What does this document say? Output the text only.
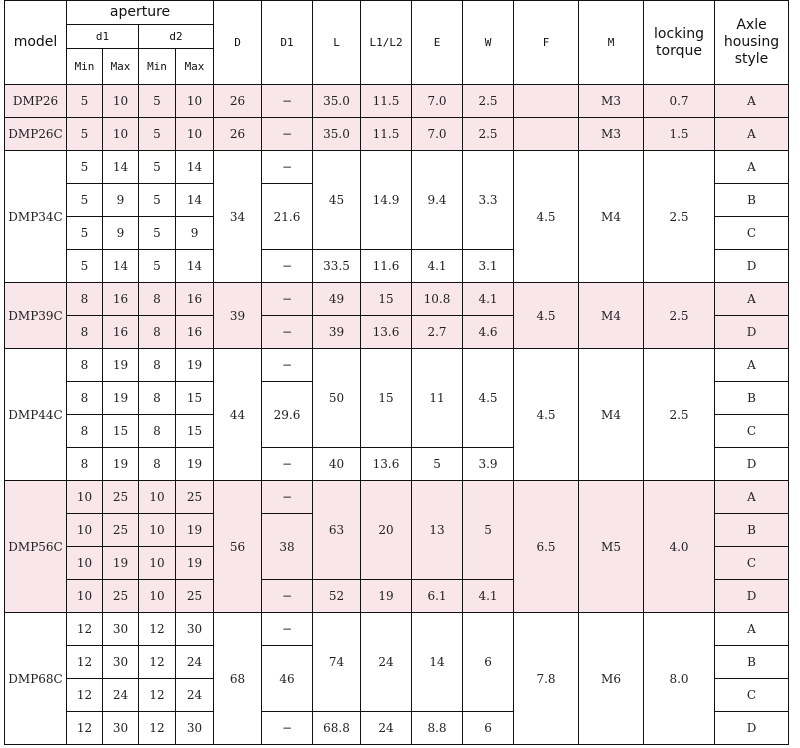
model	aperture				D	D1	L	L1/L2	E	W	F	M	locking torque	Axle housing style
	d1		d2											
	Min	Max	Min	Max										
DMP26	5	10	5	10	26	−	35.0	11.5	7.0	2.5		M3	0.7	A
DMP26C	5	10	5	10	26	−	35.0	11.5	7.0	2.5		M3	1.5	A
DMP34C	5	14	5	14	34	−	45	14.9	9.4	3.3	4.5	M4	2.5	A
	5	9	5	14		21.6								B
	5	9	5	9										C
	5	14	5	14		−	33.5	11.6	4.1	3.1				D
DMP39C	8	16	8	16	39	−	49	15	10.8	4.1	4.5	M4	2.5	A
	8	16	8	16		−	39	13.6	2.7	4.6				D
DMP44C	8	19	8	19	44	−	50	15	11	4.5	4.5	M4	2.5	A
	8	19	8	15		29.6								B
	8	15	8	15										C
	8	19	8	19		−	40	13.6	5	3.9				D
DMP56C	10	25	10	25	56	−	63	20	13	5	6.5	M5	4.0	A
	10	25	10	19		38								B
	10	19	10	19										C
	10	25	10	25		−	52	19	6.1	4.1				D
DMP68C	12	30	12	30	68	−	74	24	14	6	7.8	M6	8.0	A
	12	30	12	24		46								B
	12	24	12	24										C
	12	30	12	30		−	68.8	24	8.8	6				D
